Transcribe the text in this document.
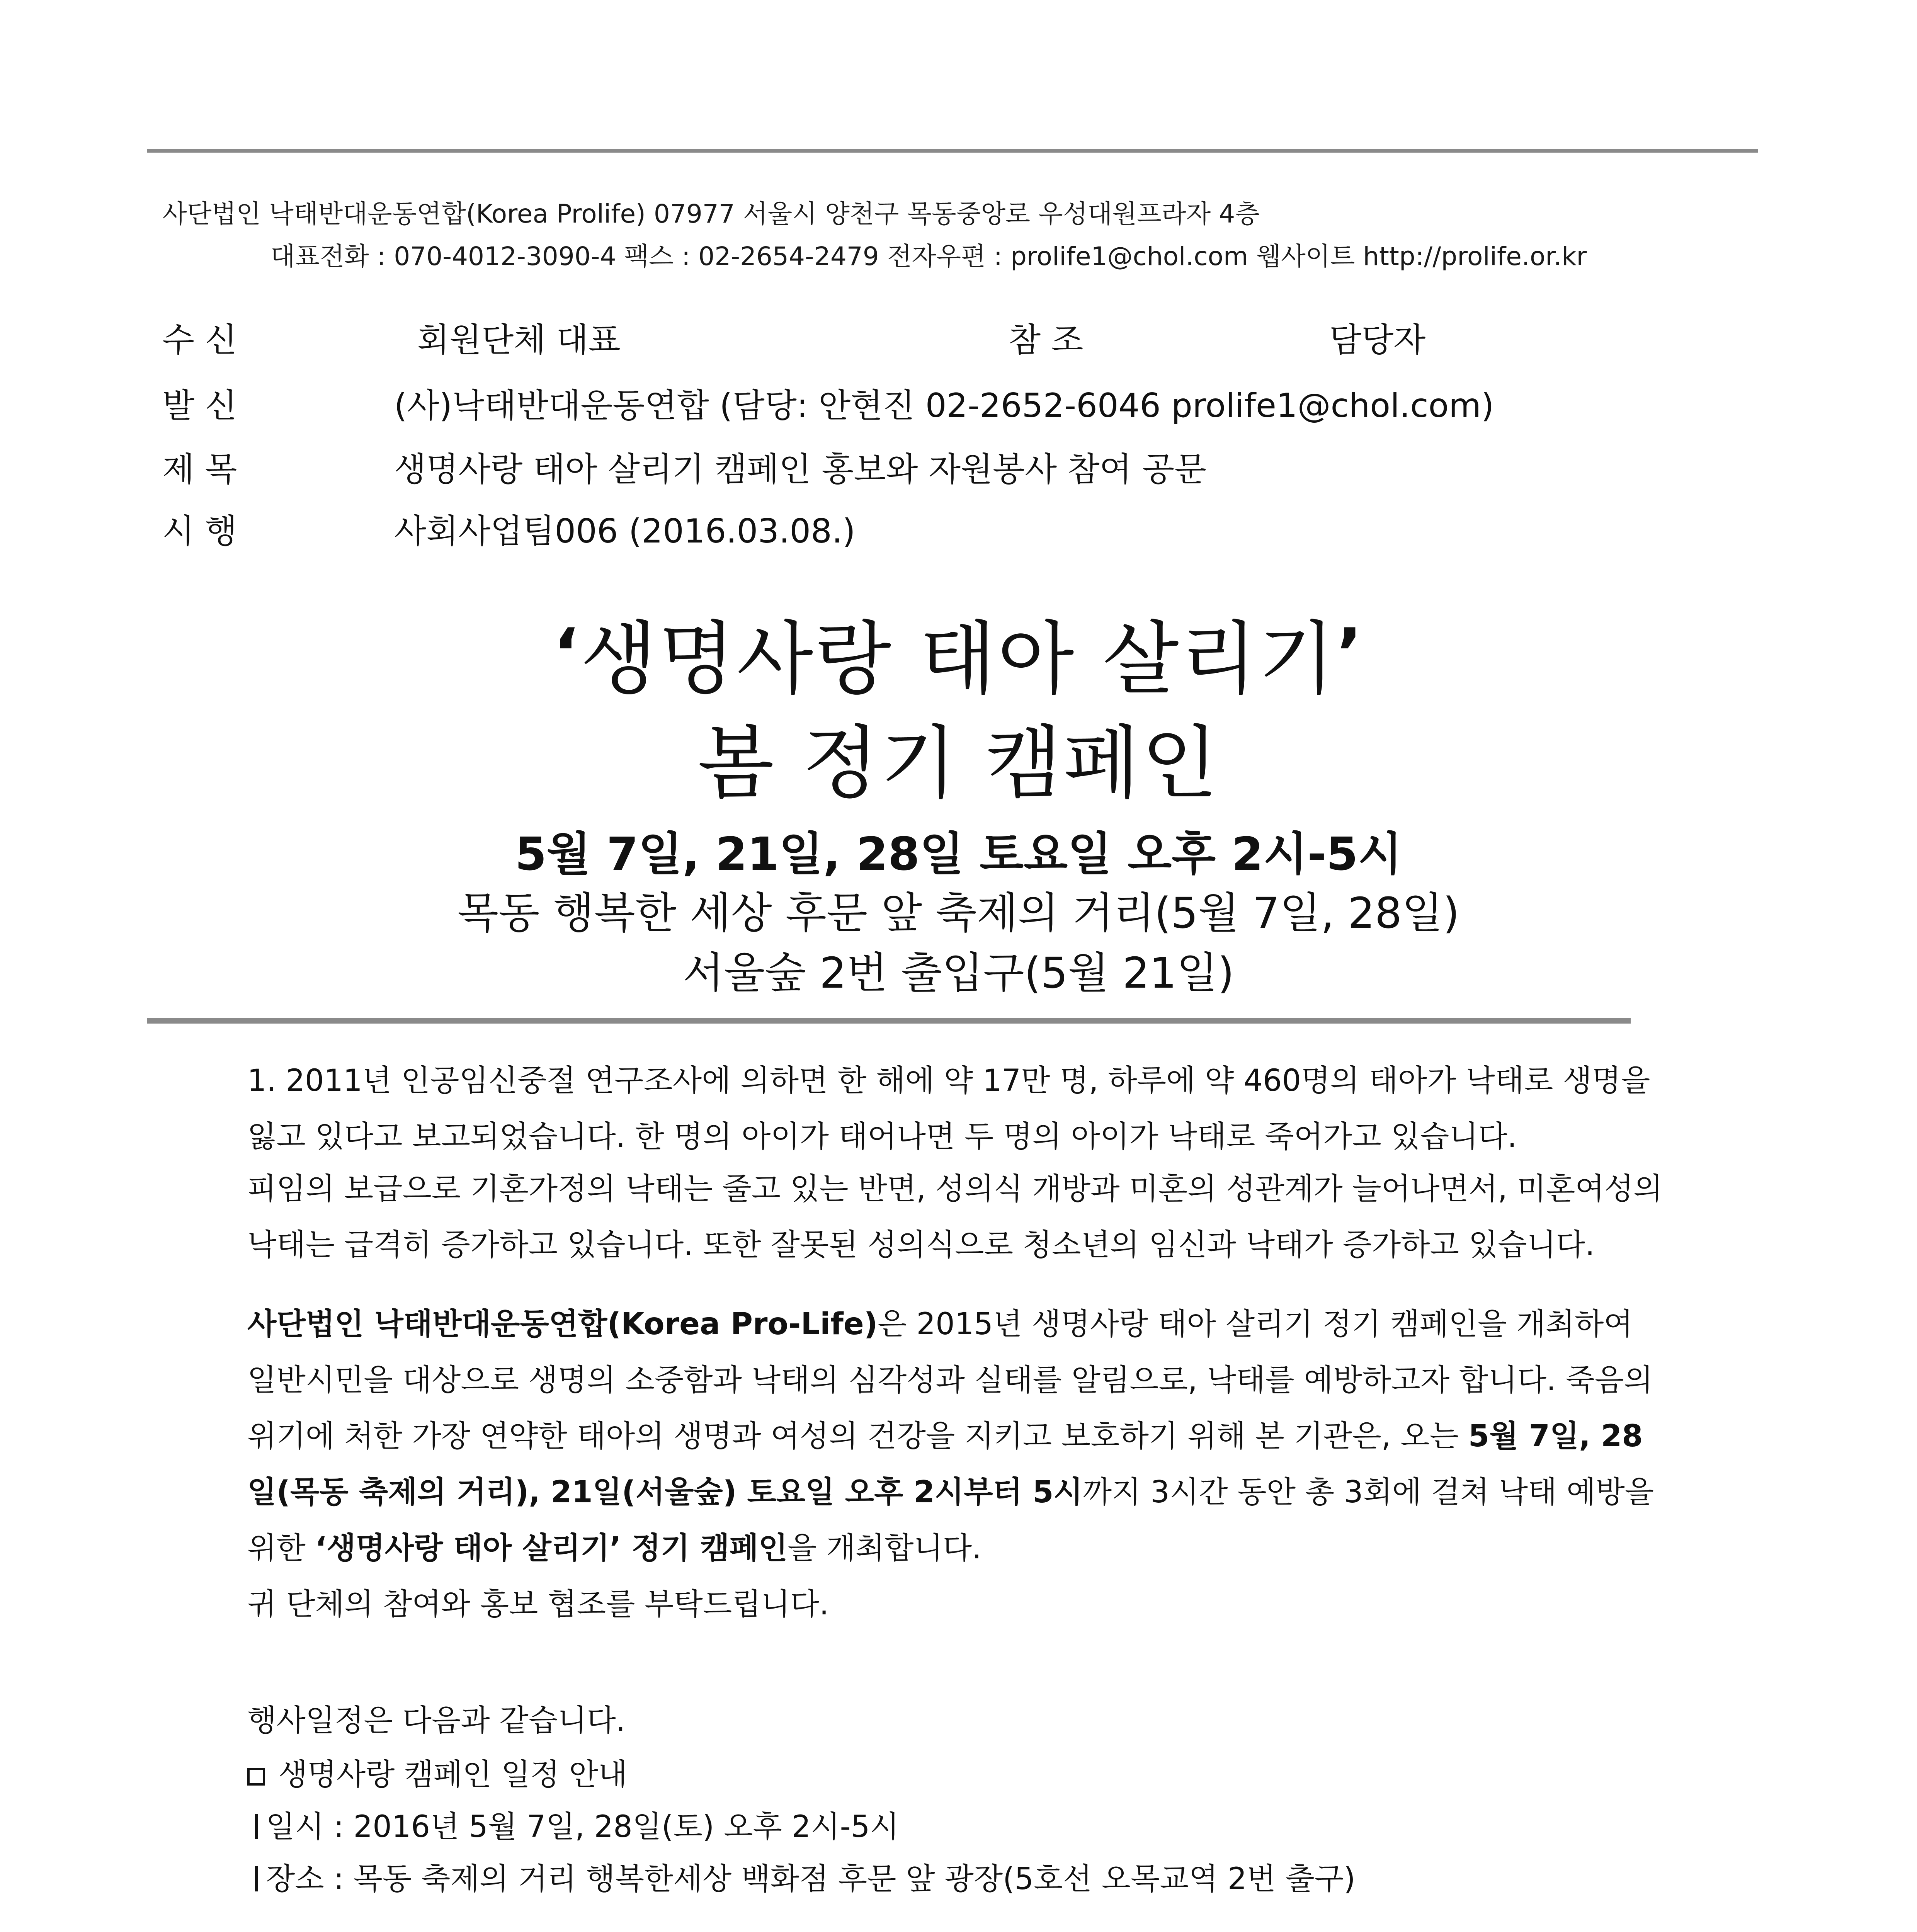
사단법인 낙태반대운동연합(Korea Prolife) 07977 서울시 양천구 목동중앙로 우성대원프라자 4층
대표전화 : 070-4012-3090-4 팩스 : 02-2654-2479 전자우편 : prolife1@chol.com 웹사이트 http://prolife.or.kr
수 신	회원단체 대표	참 조	담당자
발 신	(사)낙태반대운동연합 (담당: 안현진 02-2652-6046 prolife1@chol.com)
제 목	생명사랑 태아 살리기 캠페인 홍보와 자원봉사 참여 공문
시 행	사회사업팀006 (2016.03.08.)
‘생명사랑 태아 살리기’
봄 정기 캠페인
5월 7일, 21일, 28일 토요일 오후 2시-5시
목동 행복한 세상 후문 앞 축제의 거리(5월 7일, 28일)
서울숲 2번 출입구(5월 21일)

1. 2011년 인공임신중절 연구조사에 의하면 한 해에 약 17만 명, 하루에 약 460명의 태아가 낙태로 생명을 잃고 있다고 보고되었습니다. 한 명의 아이가 태어나면 두 명의 아이가 낙태로 죽어가고 있습니다.

피임의 보급으로 기혼가정의 낙태는 줄고 있는 반면, 성의식 개방과 미혼의 성관계가 늘어나면서, 미혼여성의 낙태는 급격히 증가하고 있습니다. 또한 잘못된 성의식으로 청소년의 임신과 낙태가 증가하고 있습니다.

사단법인 낙태반대운동연합(Korea Pro-Life)은 2015년 생명사랑 태아 살리기 정기 캠페인을 개최하여 일반시민을 대상으로 생명의 소중함과 낙태의 심각성과 실태를 알림으로, 낙태를 예방하고자 합니다. 죽음의 위기에 처한 가장 연약한 태아의 생명과 여성의 건강을 지키고 보호하기 위해 본 기관은, 오는 5월 7일, 28일(목동 축제의 거리), 21일(서울숲) 토요일 오후 2시부터 5시까지 3시간 동안 총 3회에 걸쳐 낙태 예방을 위한 ‘생명사랑 태아 살리기’ 정기 캠페인을 개최합니다.

귀 단체의 참여와 홍보 협조를 부탁드립니다.

행사일정은 다음과 같습니다.
생명사랑 캠페인 일정 안내
일시 : 2016년 5월 7일, 28일(토) 오후 2시-5시
장소 : 목동 축제의 거리 행복한세상 백화점 후문 앞 광장(5호선 오목교역 2번 출구)
